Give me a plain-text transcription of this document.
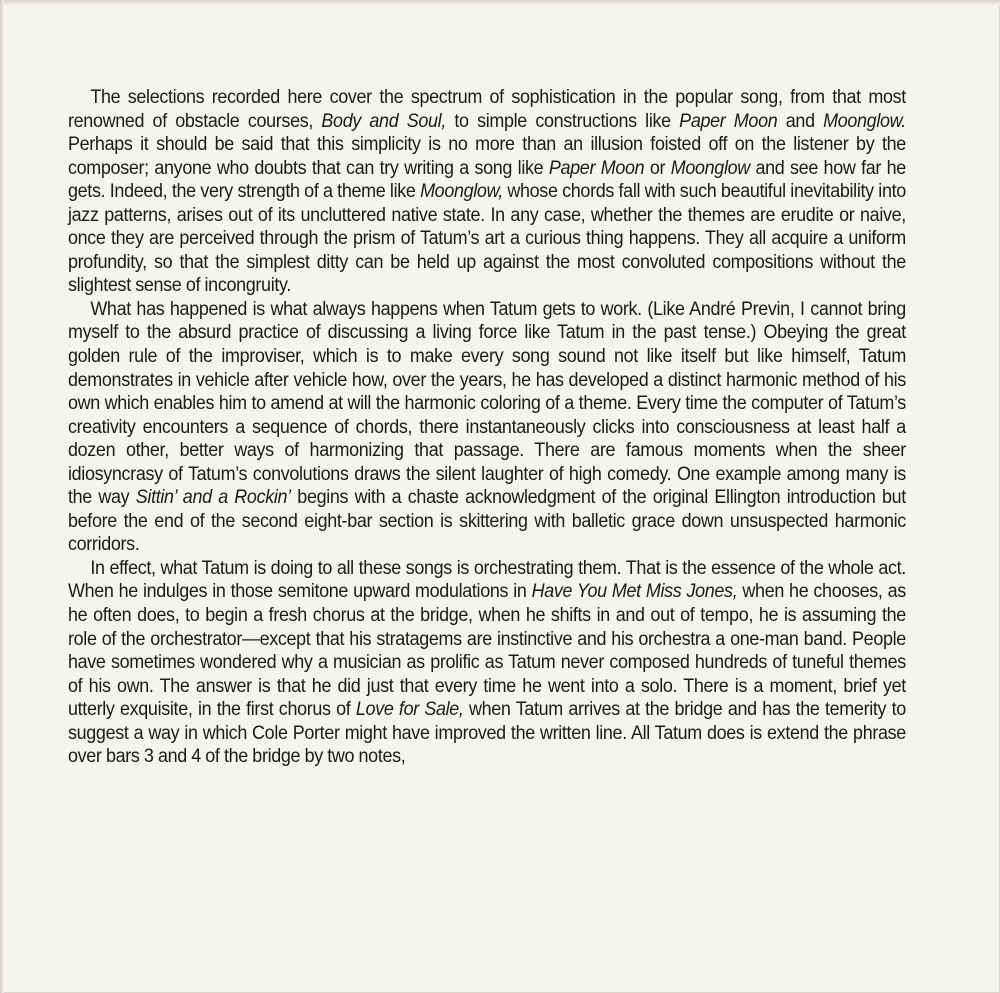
The selections recorded here cover the spectrum of sophistication in the popular song, from that most renowned of obstacle courses, Body and Soul, to simple constructions like Paper Moon and Moonglow. Perhaps it should be said that this simplicity is no more than an illusion foisted off on the listener by the composer; anyone who doubts that can try writing a song like Paper Moon or Moonglow and see how far he gets. Indeed, the very strength of a theme like Moonglow, whose chords fall with such beautiful inevitability into jazz patterns, arises out of its uncluttered native state. In any case, whether the themes are erudite or naive, once they are perceived through the prism of Tatum’s art a curious thing happens. They all acquire a uniform profundity, so that the simplest ditty can be held up against the most convoluted compositions without the slightest sense of incongruity.

What has happened is what always happens when Tatum gets to work. (Like André Previn, I cannot bring myself to the absurd practice of discussing a living force like Tatum in the past tense.) Obeying the great golden rule of the improviser, which is to make every song sound not like itself but like himself, Tatum demonstrates in vehicle after vehicle how, over the years, he has developed a distinct harmonic method of his own which enables him to amend at will the harmonic coloring of a theme. Every time the computer of Tatum’s creativity encounters a sequence of chords, there instantaneously clicks into consciousness at least half a dozen other, better ways of harmonizing that passage. There are famous moments when the sheer idiosyncrasy of Tatum’s convolutions draws the silent laughter of high comedy. One example among many is the way Sittin’ and a Rockin’ begins with a chaste acknowledgment of the original Ellington introduction but before the end of the second eight-bar section is skittering with balletic grace down unsuspected harmonic corridors.

In effect, what Tatum is doing to all these songs is orchestrating them. That is the essence of the whole act. When he indulges in those semitone upward modulations in Have You Met Miss Jones, when he chooses, as he often does, to begin a fresh chorus at the bridge, when he shifts in and out of tempo, he is assuming the role of the orchestrator—except that his stratagems are instinctive and his orchestra a one-man band. People have sometimes wondered why a musician as prolific as Tatum never composed hundreds of tuneful themes of his own. The answer is that he did just that every time he went into a solo. There is a moment, brief yet utterly exquisite, in the first chorus of Love for Sale, when Tatum arrives at the bridge and has the temerity to suggest a way in which Cole Porter might have improved the written line. All Tatum does is extend the phrase over bars 3 and 4 of the bridge by two notes,
